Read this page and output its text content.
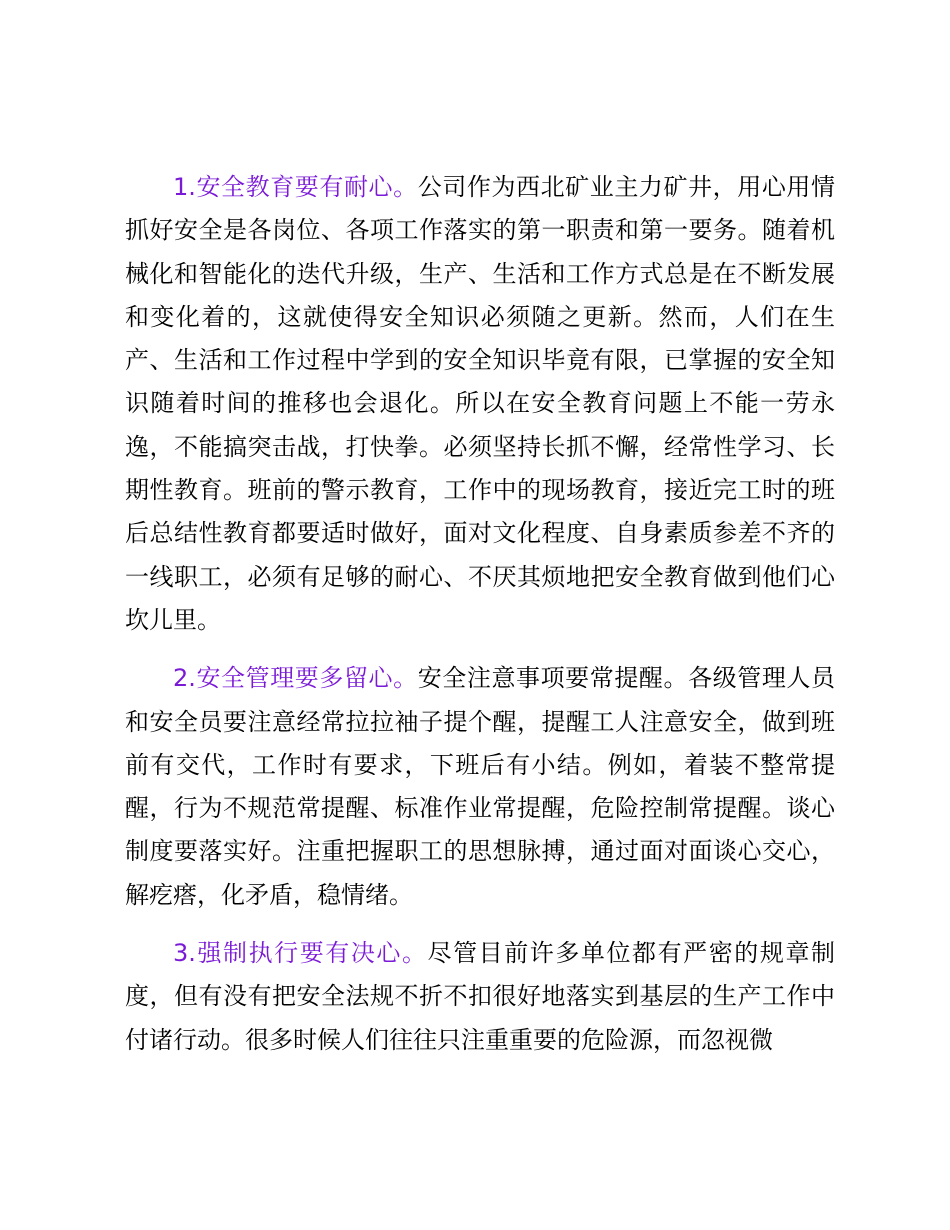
1.安全教育要有耐心。公司作为西北矿业主力矿井，用心用情抓好安全是各岗位、各项工作落实的第一职责和第一要务。随着机械化和智能化的迭代升级，生产、生活和工作方式总是在不断发展和变化着的，这就使得安全知识必须随之更新。然而，人们在生产、生活和工作过程中学到的安全知识毕竟有限，已掌握的安全知识随着时间的推移也会退化。所以在安全教育问题上不能一劳永逸，不能搞突击战，打快拳。必须坚持长抓不懈，经常性学习、长期性教育。班前的警示教育，工作中的现场教育，接近完工时的班后总结性教育都要适时做好，面对文化程度、自身素质参差不齐的一线职工，必须有足够的耐心、不厌其烦地把安全教育做到他们心坎儿里。

2.安全管理要多留心。安全注意事项要常提醒。各级管理人员和安全员要注意经常拉拉袖子提个醒，提醒工人注意安全，做到班前有交代，工作时有要求，下班后有小结。例如，着装不整常提醒，行为不规范常提醒、标准作业常提醒，危险控制常提醒。谈心制度要落实好。注重把握职工的思想脉搏，通过面对面谈心交心，解疙瘩，化矛盾，稳情绪。

3.强制执行要有决心。尽管目前许多单位都有严密的规章制度，但有没有把安全法规不折不扣很好地落实到基层的生产工作中付诸行动。很多时候人们往往只注重重要的危险源，而忽视微
